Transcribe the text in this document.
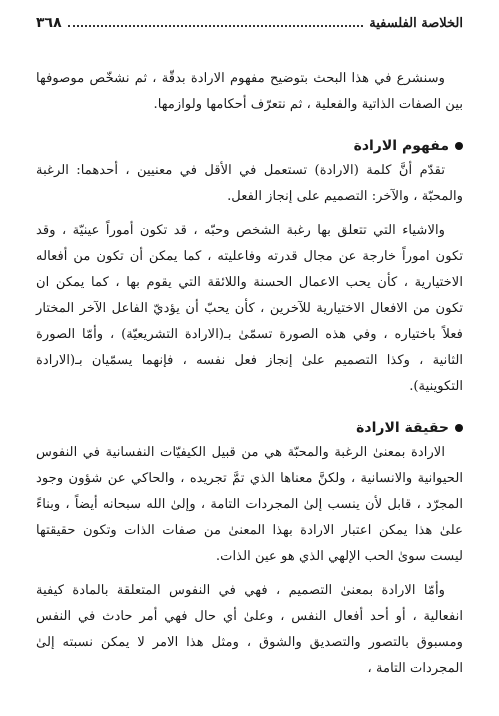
٣٦٨	الخلاصة الفلسفية

وسنشرع في هذا البحث بتوضيح مفهوم الارادة بدقّة ، ثم نشخّص موصوفها بين الصفات الذاتية والفعلية ، ثم نتعرّف أحكامها ولوازمها.

مفهوم الارادة

تقدّم أنَّ كلمة (الارادة) تستعمل في الأقل في معنيين ، أحدهما: الرغبة والمحبّة ، والآخر: التصميم على إنجاز الفعل.

والاشياء التي تتعلق بها رغبة الشخص وحبّه ، قد تكون أموراً عينيّة ، وقد تكون اموراً خارجة عن مجال قدرته وفاعليته ، كما يمكن أن تكون من أفعاله الاختيارية ، كأن يحب الاعمال الحسنة واللائقة التي يقوم بها ، كما يمكن ان تكون من الافعال الاختيارية للآخرين ، كأن يحبّ أن يؤديّ الفاعل الآخر المختار فعلاً باختياره ، وفي هذه الصورة تسمّىٰ بـ(الارادة التشريعيّة) ، وأمّا الصورة الثانية ، وكذا التصميم علىٰ إنجاز فعل نفسه ، فإنهما يسمّيان بـ(الارادة التكوينية).

حقيقة الارادة

الارادة بمعنىٰ الرغبة والمحبّة هي من قبيل الكيفيّات النفسانية في النفوس الحيوانية والانسانية ، ولكنَّ معناها الذي تمَّ تجريده ، والحاكي عن شؤون وجود المجرّد ، قابل لأن ينسب إلىٰ المجردات التامة ، وإلىٰ الله سبحانه أيضاً ، وبناءً علىٰ هذا يمكن اعتبار الارادة بهذا المعنىٰ من صفات الذات وتكون حقيقتها ليست سوىٰ الحب الإلهي الذي هو عين الذات.

وأمّا الارادة بمعنىٰ التصميم ، فهي في النفوس المتعلقة بالمادة كيفية انفعالية ، أو أحد أفعال النفس ، وعلىٰ أي حال فهي أمر حادث في النفس ومسبوق بالتصور والتصديق والشوق ، ومثل هذا الامر لا يمكن نسبته إلىٰ المجردات التامة ،
